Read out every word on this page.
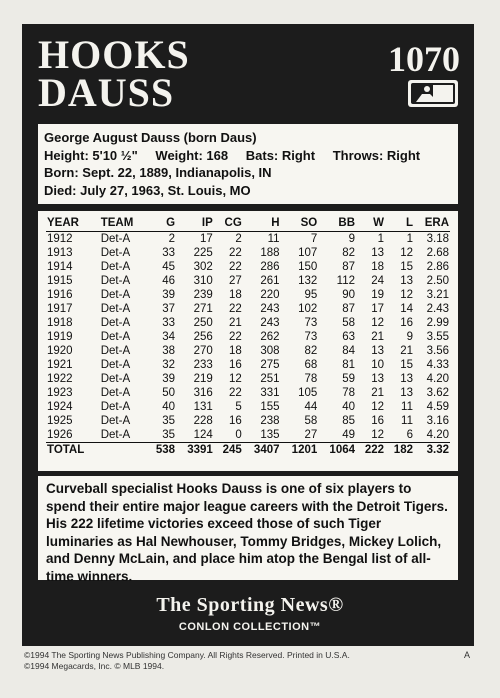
HOOKS
DAUSS
1070
George August Dauss (born Daus)
Height: 5'10 ½" Weight: 168 Bats: Right Throws: Right
Born: Sept. 22, 1889, Indianapolis, IN
Died: July 27, 1963, St. Louis, MO
YEAR	TEAM	G	IP	CG	H	SO	BB	W	L	ERA
1912	Det-A	2	17	2	11	7	9	1	1	3.18
1913	Det-A	33	225	22	188	107	82	13	12	2.68
1914	Det-A	45	302	22	286	150	87	18	15	2.86
1915	Det-A	46	310	27	261	132	112	24	13	2.50
1916	Det-A	39	239	18	220	95	90	19	12	3.21
1917	Det-A	37	271	22	243	102	87	17	14	2.43
1918	Det-A	33	250	21	243	73	58	12	16	2.99
1919	Det-A	34	256	22	262	73	63	21	9	3.55
1920	Det-A	38	270	18	308	82	84	13	21	3.56
1921	Det-A	32	233	16	275	68	81	10	15	4.33
1922	Det-A	39	219	12	251	78	59	13	13	4.20
1923	Det-A	50	316	22	331	105	78	21	13	3.62
1924	Det-A	40	131	5	155	44	40	12	11	4.59
1925	Det-A	35	228	16	238	58	85	16	11	3.16
1926	Det-A	35	124	0	135	27	49	12	6	4.20
TOTAL		538	3391	245	3407	1201	1064	222	182	3.32
Curveball specialist Hooks Dauss is one of six players to spend their entire major league careers with the Detroit Tigers. His 222 lifetime victories exceed those of such Tiger luminaries as Hal Newhouser, Tommy Bridges, Mickey Lolich, and Denny McLain, and place him atop the Bengal list of all-time winners.
The Sporting News®
CONLON COLLECTION™
©1994 The Sporting News Publishing Company. All Rights Reserved. Printed in U.S.A.
©1994 Megacards, Inc. © MLB 1994.
A
